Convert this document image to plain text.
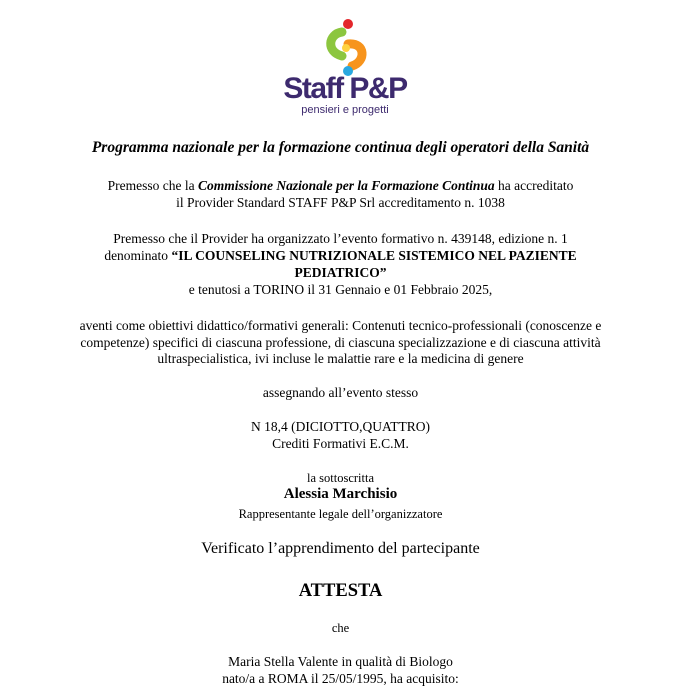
Staff P&P
pensieri e progetti
Programma nazionale per la formazione continua degli operatori della Sanità
Premesso che la Commissione Nazionale per la Formazione Continua ha accreditato
il Provider Standard STAFF P&P Srl accreditamento n. 1038
Premesso che il Provider ha organizzato l’evento formativo n. 439148, edizione n. 1
denominato “IL COUNSELING NUTRIZIONALE SISTEMICO NEL PAZIENTE
PEDIATRICO”
e tenutosi a TORINO il 31 Gennaio e 01 Febbraio 2025,
aventi come obiettivi didattico/formativi generali: Contenuti tecnico-professionali (conoscenze e
competenze) specifici di ciascuna professione, di ciascuna specializzazione e di ciascuna attività
ultraspecialistica, ivi incluse le malattie rare e la medicina di genere
assegnando all’evento stesso
N 18,4 (DICIOTTO,QUATTRO)
Crediti Formativi E.C.M.
la sottoscritta
Alessia Marchisio
Rappresentante legale dell’organizzatore
Verificato l’apprendimento del partecipante
ATTESTA
che
Maria Stella Valente in qualità di Biologo
nato/a a ROMA il 25/05/1995, ha acquisito:
